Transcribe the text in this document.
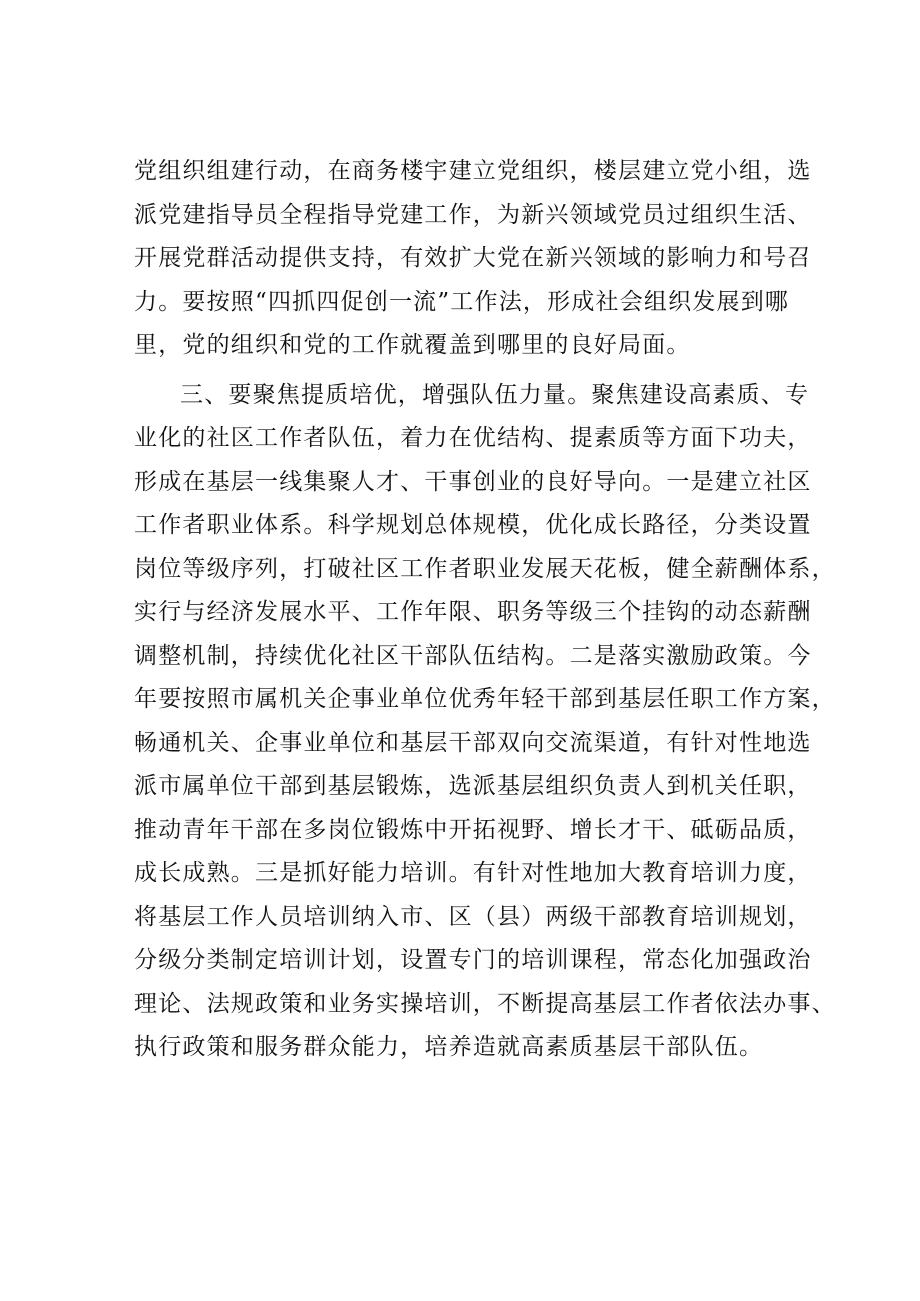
党组织组建行动，在商务楼宇建立党组织，楼层建立党小组，选
派党建指导员全程指导党建工作，为新兴领域党员过组织生活、
开展党群活动提供支持，有效扩大党在新兴领域的影响力和号召
力。要按照“四抓四促创一流”工作法，形成社会组织发展到哪
里，党的组织和党的工作就覆盖到哪里的良好局面。
三、要聚焦提质培优，增强队伍力量。聚焦建设高素质、专
业化的社区工作者队伍，着力在优结构、提素质等方面下功夫，
形成在基层一线集聚人才、干事创业的良好导向。一是建立社区
工作者职业体系。科学规划总体规模，优化成长路径，分类设置
岗位等级序列，打破社区工作者职业发展天花板，健全薪酬体系，
实行与经济发展水平、工作年限、职务等级三个挂钩的动态薪酬
调整机制，持续优化社区干部队伍结构。二是落实激励政策。今
年要按照市属机关企事业单位优秀年轻干部到基层任职工作方案，
畅通机关、企事业单位和基层干部双向交流渠道，有针对性地选
派市属单位干部到基层锻炼，选派基层组织负责人到机关任职，
推动青年干部在多岗位锻炼中开拓视野、增长才干、砥砺品质，
成长成熟。三是抓好能力培训。有针对性地加大教育培训力度，
将基层工作人员培训纳入市、区（县）两级干部教育培训规划，
分级分类制定培训计划，设置专门的培训课程，常态化加强政治
理论、法规政策和业务实操培训，不断提高基层工作者依法办事、
执行政策和服务群众能力，培养造就高素质基层干部队伍。
